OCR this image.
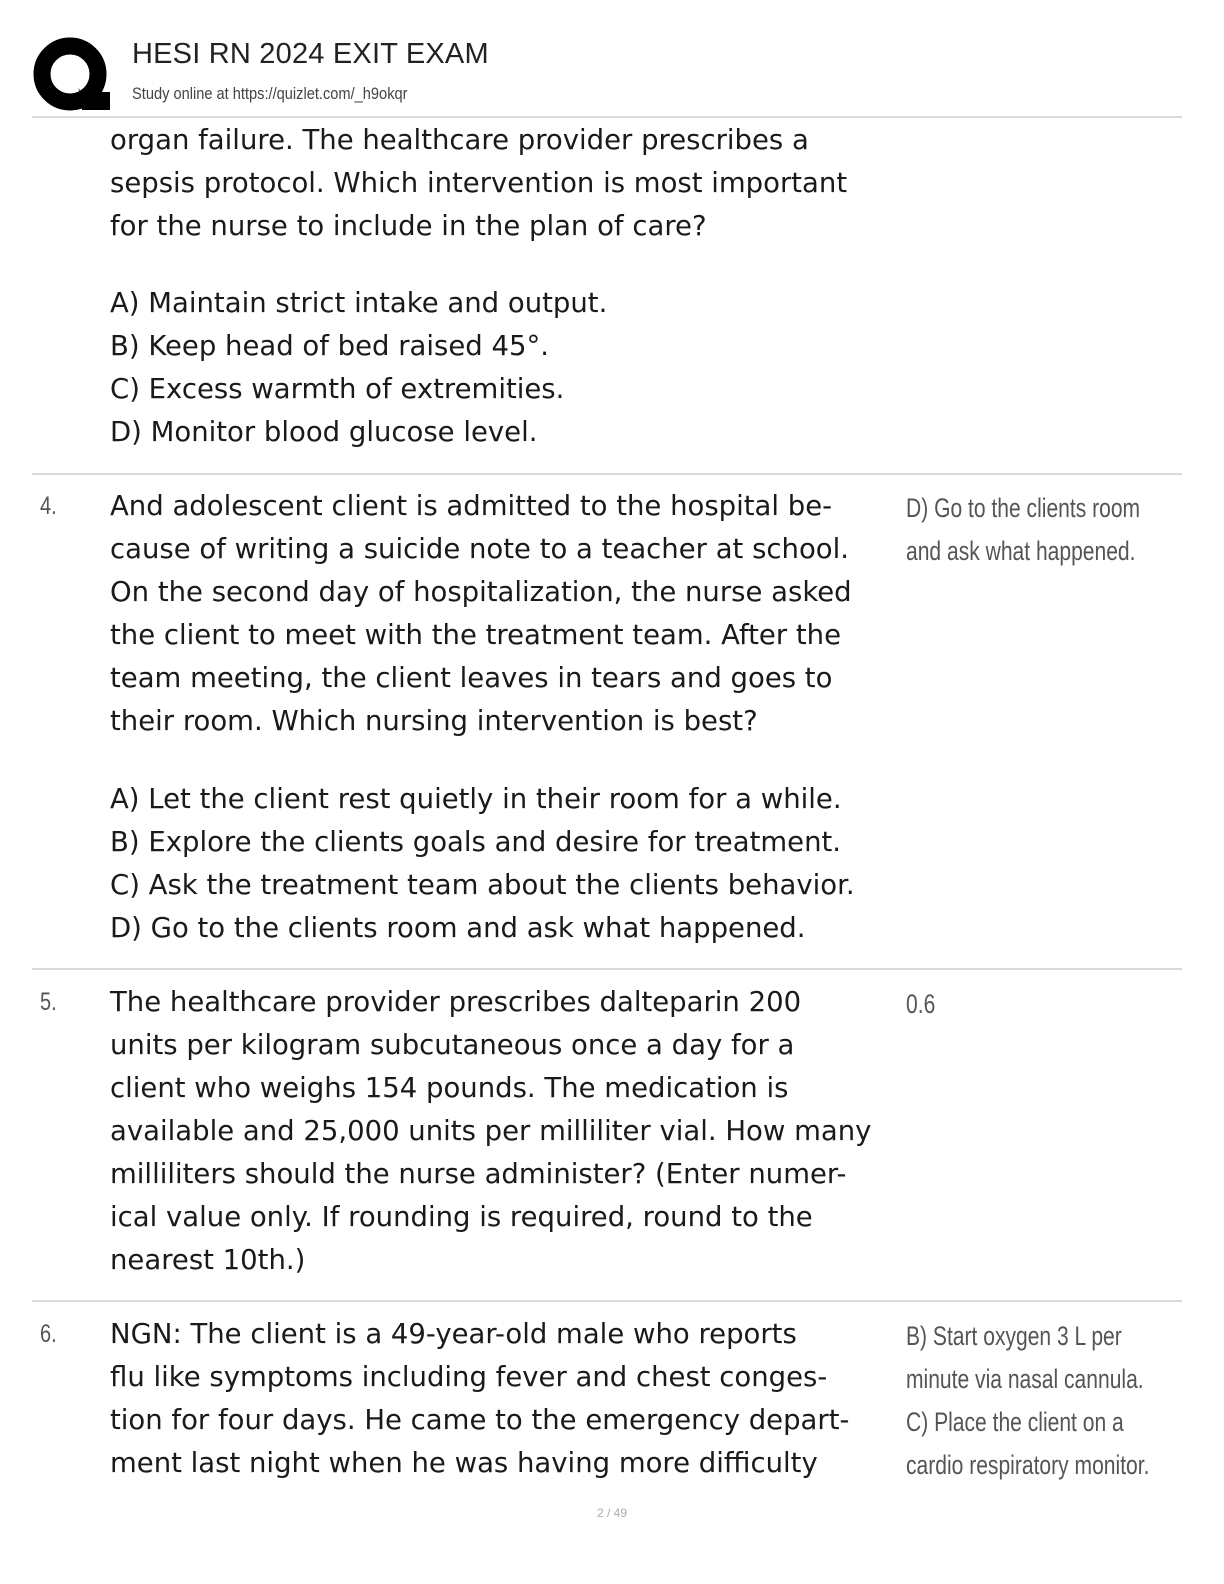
HESI RN 2024 EXIT EXAM
Study online at https://quizlet.com/_h9okqr
organ failure. The healthcare provider prescribes a
sepsis protocol. Which intervention is most important
for the nurse to include in the plan of care?
A) Maintain strict intake and output.
B) Keep head of bed raised 45°.
C) Excess warmth of extremities.
D) Monitor blood glucose level.
4. And adolescent client is admitted to the hospital be-
cause of writing a suicide note to a teacher at school.
On the second day of hospitalization, the nurse asked
the client to meet with the treatment team. After the
team meeting, the client leaves in tears and goes to
their room. Which nursing intervention is best?
A) Let the client rest quietly in their room for a while.
B) Explore the clients goals and desire for treatment.
C) Ask the treatment team about the clients behavior.
D) Go to the clients room and ask what happened.
D) Go to the clients room
and ask what happened.
5. The healthcare provider prescribes dalteparin 200
units per kilogram subcutaneous once a day for a
client who weighs 154 pounds. The medication is
available and 25,000 units per milliliter vial. How many
milliliters should the nurse administer? (Enter numer-
ical value only. If rounding is required, round to the
nearest 10th.)
0.6
6. NGN: The client is a 49-year-old male who reports
flu like symptoms including fever and chest conges-
tion for four days. He came to the emergency depart-
ment last night when he was having more difficulty
B) Start oxygen 3 L per
minute via nasal cannula.
C) Place the client on a
cardio respiratory monitor.
2 / 49
